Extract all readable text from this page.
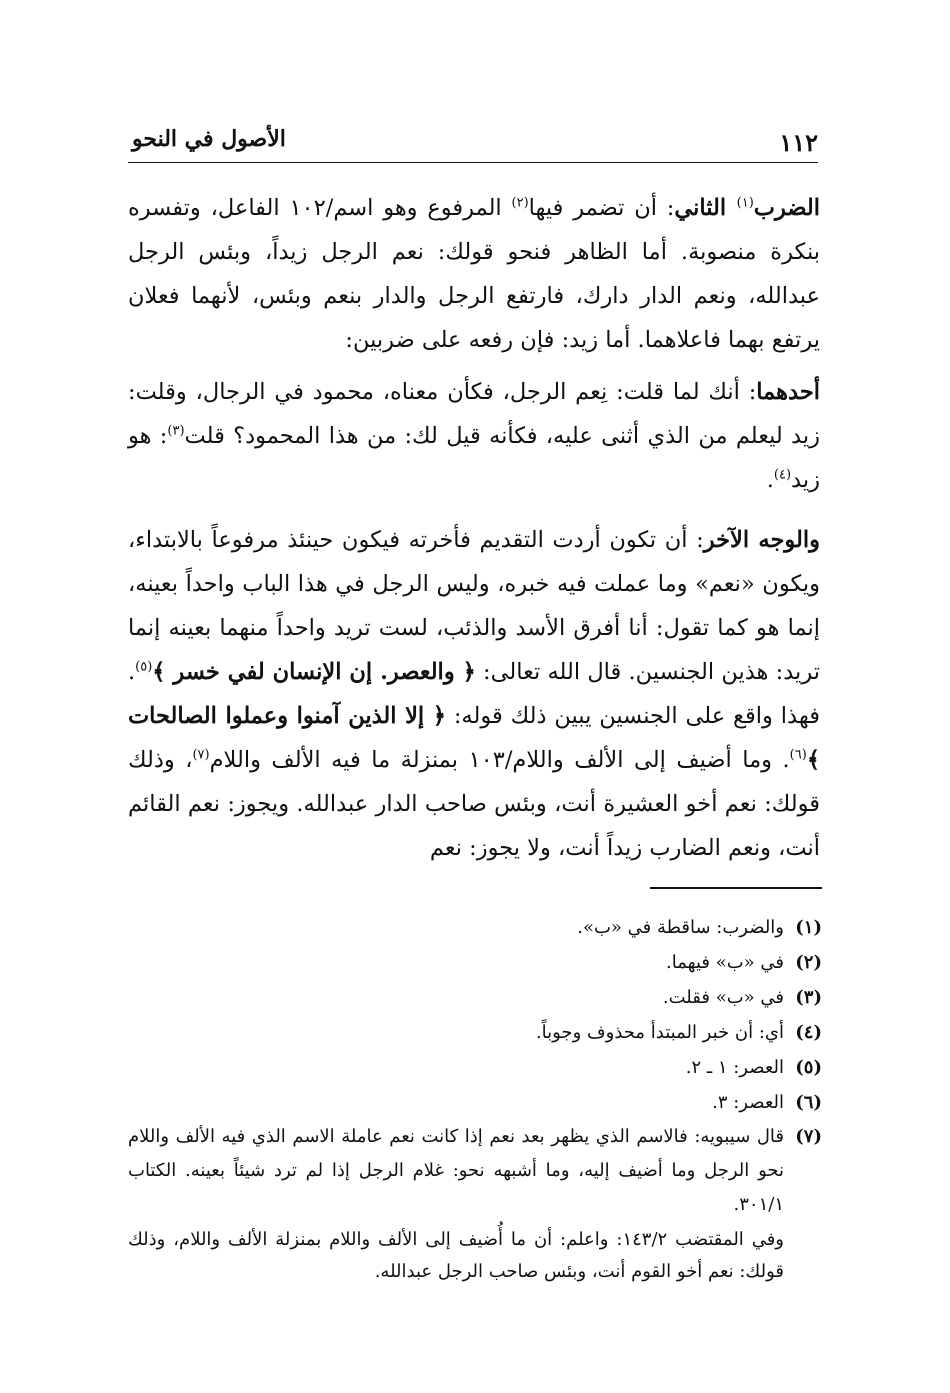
١١٢
الأصول في النحو

الضرب$^{(١)}$ الثاني: أن تضمر فيها$^{(٢)}$ المرفوع وهو اسم/١٠٢ الفاعل، وتفسره بنكرة منصوبة. أما الظاهر فنحو قولك: نعم الرجل زيداً، وبئس الرجل عبدالله، ونعم الدار دارك، فارتفع الرجل والدار بنعم وبئس، لأنهما فعلان يرتفع بهما فاعلاهما. أما زيد: فإن رفعه على ضربين:

أحدهما: أنك لما قلت: نِعم الرجل، فكأن معناه، محمود في الرجال، وقلت: زيد ليعلم من الذي أثنى عليه، فكأنه قيل لك: من هذا المحمود؟ قلت$^{(٣)}$: هو زيد$^{(٤)}$.

والوجه الآخر: أن تكون أردت التقديم فأخرته فيكون حينئذ مرفوعاً بالابتداء، ويكون «نعم» وما عملت فيه خبره، وليس الرجل في هذا الباب واحداً بعينه، إنما هو كما تقول: أنا أفرق الأسد والذئب، لست تريد واحداً منهما بعينه إنما تريد: هذين الجنسين. قال الله تعالى: ﴿ والعصر. إن الإنسان لفي خسر ﴾$^{(٥)}$. فهذا واقع على الجنسين يبين ذلك قوله: ﴿ إلا الذين آمنوا وعملوا الصالحات ﴾$^{(٦)}$. وما أضيف إلى الألف واللام/١٠٣ بمنزلة ما فيه الألف واللام$^{(٧)}$، وذلك قولك: نعم أخو العشيرة أنت، وبئس صاحب الدار عبدالله. ويجوز: نعم القائم أنت، ونعم الضارب زيداً أنت، ولا يجوز: نعم

(١)
والضرب: ساقطة في «ب».

(٢)
في «ب» فيهما.

(٣)
في «ب» فقلت.

(٤)
أي: أن خبر المبتدأ محذوف وجوباً.

(٥)
العصر: ١ ـ ٢.

(٦)
العصر: ٣.

(٧)
قال سيبويه: فالاسم الذي يظهر بعد نعم إذا كانت نعم عاملة الاسم الذي فيه الألف واللام نحو الرجل وما أضيف إليه، وما أشبهه نحو: غلام الرجل إذا لم ترد شيئاً بعينه. الكتاب ٣٠١/١.

وفي المقتضب ١٤٣/٢: واعلم: أن ما أُضيف إلى الألف واللام بمنزلة الألف واللام، وذلك قولك: نعم أخو القوم أنت، وبئس صاحب الرجل عبدالله.
